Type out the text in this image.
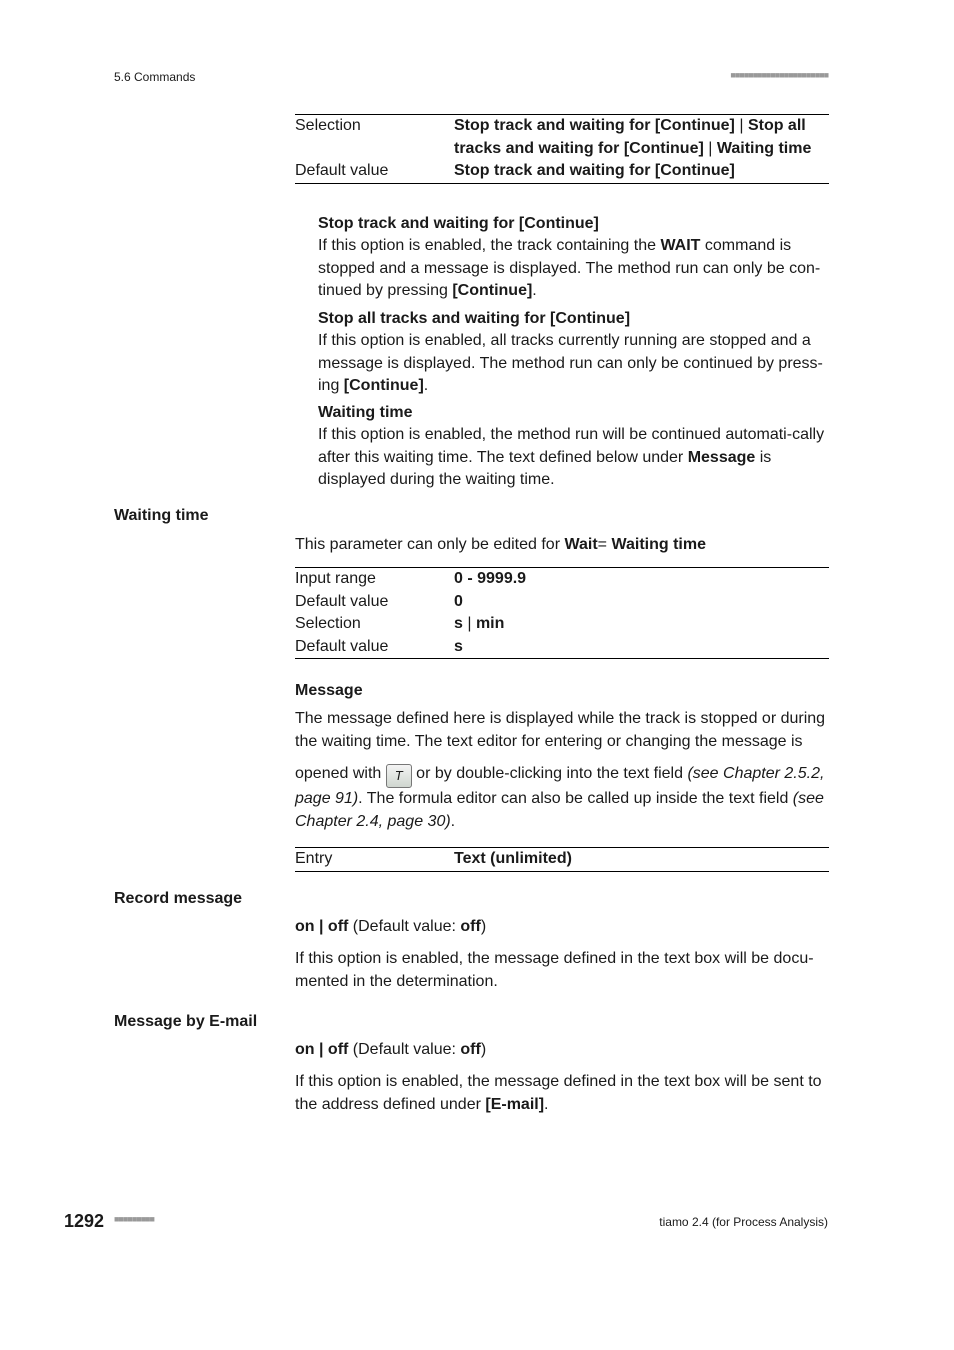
5.6 Commands	■■■■■■■■■■■■■■■■■■■■■■
Selection	Stop track and waiting for [Continue] | Stop all tracks and waiting for [Continue] | Waiting time
Default value	Stop track and waiting for [Continue]
Stop track and waiting for [Continue]
If this option is enabled, the track containing the WAIT command is stopped and a message is displayed. The method run can only be con-tinued by pressing [Continue].
Stop all tracks and waiting for [Continue]
If this option is enabled, all tracks currently running are stopped and a message is displayed. The method run can only be continued by press-ing [Continue].
Waiting time
If this option is enabled, the method run will be continued automati-cally after this waiting time. The text defined below under Message is displayed during the waiting time.
Waiting time
This parameter can only be edited for Wait= Waiting time
Input range	0 - 9999.9
Default value	0
Selection	s | min
Default value	s
Message
The message defined here is displayed while the track is stopped or during the waiting time. The text editor for entering or changing the message is opened with T or by double-clicking into the text field (see Chapter 2.5.2, page 91). The formula editor can also be called up inside the text field (see Chapter 2.4, page 30).
Entry	Text (unlimited)
Record message
on | off (Default value: off)
If this option is enabled, the message defined in the text box will be docu-mented in the determination.
Message by E-mail
on | off (Default value: off)
If this option is enabled, the message defined in the text box will be sent to the address defined under [E-mail].
1292 ■■■■■■■■■	tiamo 2.4 (for Process Analysis)
